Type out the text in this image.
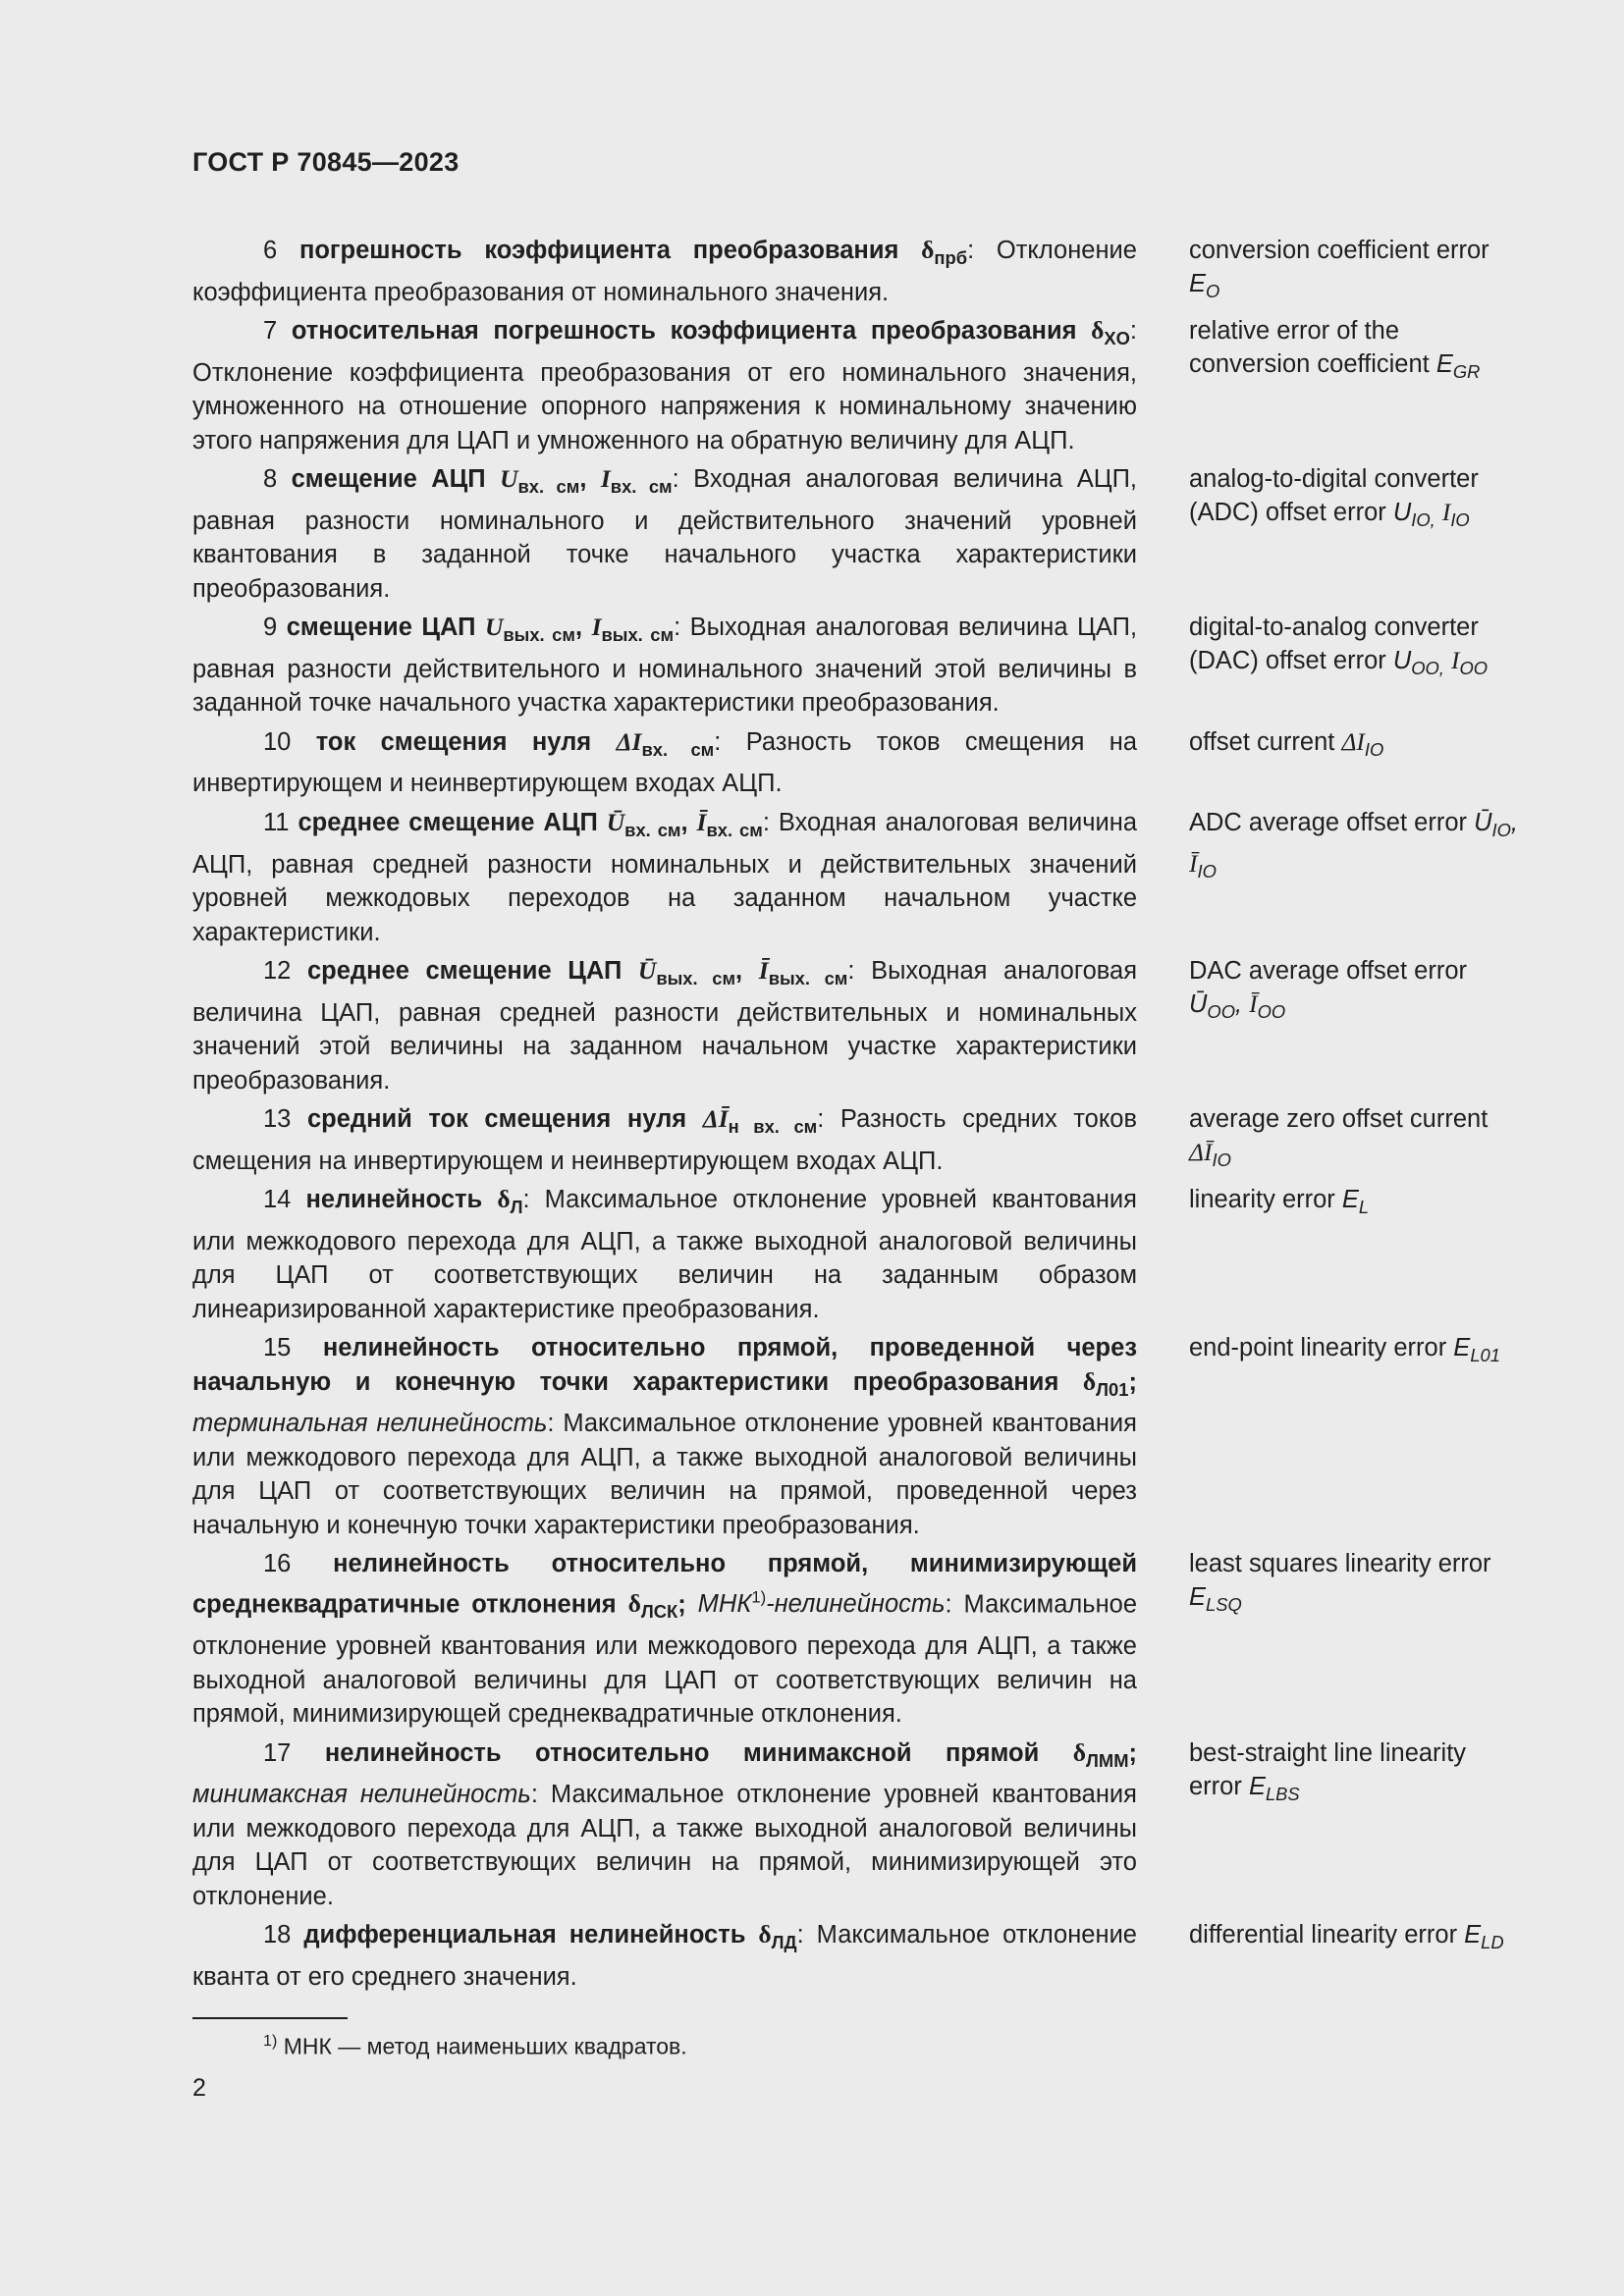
ГОСТ Р 70845—2023

6 погрешность коэффициента преобразования $\delta_{прб}$: Отклонение коэффициента преобразования от номинального значения.

conversion coefficient error $E_O$

7 относительная погрешность коэффициента преобразования $\delta_{XO}$: Отклонение коэффициента преобразования от его номинального значения, умноженного на отношение опорного напряжения к номинальному значению этого напряжения для ЦАП и умноженного на обратную величину для АЦП.

relative error of the conversion coefficient $E_{GR}$

8 смещение АЦП $U_{вх. см}$, $I_{вх. см}$: Входная аналоговая величина АЦП, равная разности номинального и действительного значений уровней квантования в заданной точке начального участка характеристики преобразования.

analog-to-digital converter (ADC) offset error $U_{IO,}$ $I_{IO}$

9 смещение ЦАП $U_{вых. см}$, $I_{вых. см}$: Выходная аналоговая величина ЦАП, равная разности действительного и номинального значений этой величины в заданной точке начального участка характеристики преобразования.

digital-to-analog converter (DAC) offset error $U_{OO,}$ $I_{OO}$

10 ток смещения нуля $\Delta I_{вх. см}$: Разность токов смещения на инвертирующем и неинвертирующем входах АЦП.

offset current $\Delta I_{IO}$

11 среднее смещение АЦП $Ū_{вх. см}$, $Ī_{вх. см}$: Входная аналоговая величина АЦП, равная средней разности номинальных и действительных значений уровней межкодовых переходов на заданном начальном участке характеристики.

ADC average offset error $Ū_{IO}$, $Ī_{IO}$

12 среднее смещение ЦАП $Ū_{вых. см}$, $Ī_{вых. см}$: Выходная аналоговая величина ЦАП, равная средней разности действительных и номинальных значений этой величины на заданном начальном участке характеристики преобразования.

DAC average offset error $Ū_{OO}$, $Ī_{OO}$

13 средний ток смещения нуля $\Delta Ī_{н вх. см}$: Разность средних токов смещения на инвертирующем и неинвертирующем входах АЦП.

average zero offset current $\Delta Ī_{IO}$

14 нелинейность $\delta_Л$: Максимальное отклонение уровней квантования или межкодового перехода для АЦП, а также выходной аналоговой величины для ЦАП от соответствующих величин на заданным образом линеаризированной характеристике преобразования.

linearity error $E_L$

15 нелинейность относительно прямой, проведенной через начальную и конечную точки характеристики преобразования $\delta_{Л01}$; терминальная нелинейность: Максимальное отклонение уровней квантования или межкодового перехода для АЦП, а также выходной аналоговой величины для ЦАП от соответствующих величин на прямой, проведенной через начальную и конечную точки характеристики преобразования.

end-point linearity error $E_{L01}$

16 нелинейность относительно прямой, минимизирующей среднеквадратичные отклонения $\delta_{ЛСК}$; МНК$^{1)}$-нелинейность: Максимальное отклонение уровней квантования или межкодового перехода для АЦП, а также выходной аналоговой величины для ЦАП от соответствующих величин на прямой, минимизирующей среднеквадратичные отклонения.

least squares linearity error $E_{LSQ}$

17 нелинейность относительно минимаксной прямой $\delta_{ЛММ}$; минимаксная нелинейность: Максимальное отклонение уровней квантования или межкодового перехода для АЦП, а также выходной аналоговой величины для ЦАП от соответствующих величин на прямой, минимизирующей это отклонение.

best-straight line linearity error $E_{LBS}$

18 дифференциальная нелинейность $\delta_{ЛД}$: Максимальное отклонение кванта от его среднего значения.

differential linearity error $E_{LD}$

$^{1)}$ МНК — метод наименьших квадратов.
2
